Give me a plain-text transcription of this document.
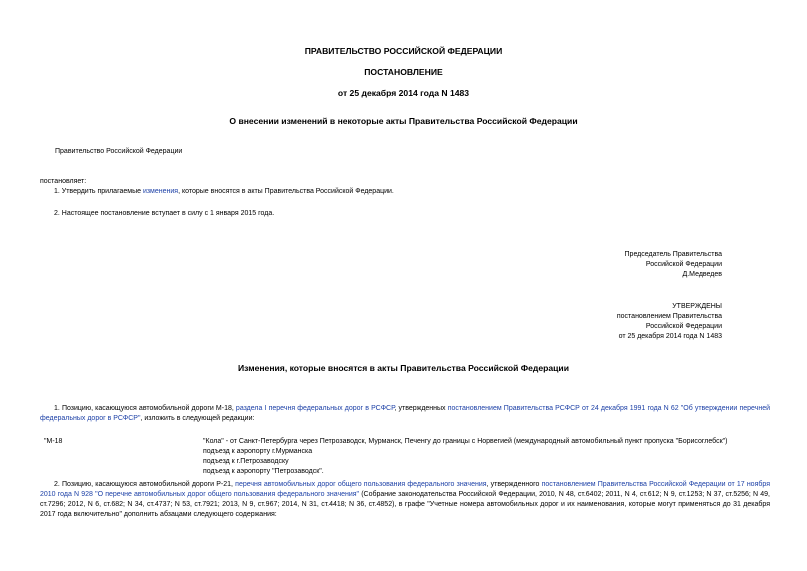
ПРАВИТЕЛЬСТВО РОССИЙСКОЙ ФЕДЕРАЦИИ
ПОСТАНОВЛЕНИЕ
от 25 декабря 2014 года N 1483
О внесении изменений в некоторые акты Правительства Российской Федерации
Правительство Российской Федерации
постановляет:
1. Утвердить прилагаемые изменения, которые вносятся в акты Правительства Российской Федерации.
2. Настоящее постановление вступает в силу с 1 января 2015 года.
Председатель Правительства
Российской Федерации
Д.Медведев
УТВЕРЖДЕНЫ
постановлением Правительства
Российской Федерации
от 25 декабря 2014 года N 1483
Изменения, которые вносятся в акты Правительства Российской Федерации
1. Позицию, касающуюся автомобильной дороги М-18, раздела I перечня федеральных дорог в РСФСР, утвержденных постановлением Правительства РСФСР от 24 декабря 1991 года N 62 "Об утверждении перечней федеральных дорог в РСФСР", изложить в следующей редакции:
"М-18	"Кола" - от Санкт-Петербурга через Петрозаводск, Мурманск, Печенгу до границы с Норвегией (международный автомобильный пункт пропуска "Борисоглебск")
подъезд к аэропорту г.Мурманска
подъезд к г.Петрозаводску
подъезд к аэропорту "Петрозаводск".
2. Позицию, касающуюся автомобильной дороги Р-21, перечня автомобильных дорог общего пользования федерального значения, утвержденного постановлением Правительства Российской Федерации от 17 ноября 2010 года N 928 "О перечне автомобильных дорог общего пользования федерального значения" (Собрание законодательства Российской Федерации, 2010, N 48, ст.6402; 2011, N 4, ст.612; N 9, ст.1253; N 37, ст.5256; N 49, ст.7296; 2012, N 6, ст.682; N 34, ст.4737; N 53, ст.7921; 2013, N 9, ст.967; 2014, N 31, ст.4418; N 36, ст.4852), в графе "Учетные номера автомобильных дорог и их наименования, которые могут применяться до 31 декабря 2017 года включительно" дополнить абзацами следующего содержания:
